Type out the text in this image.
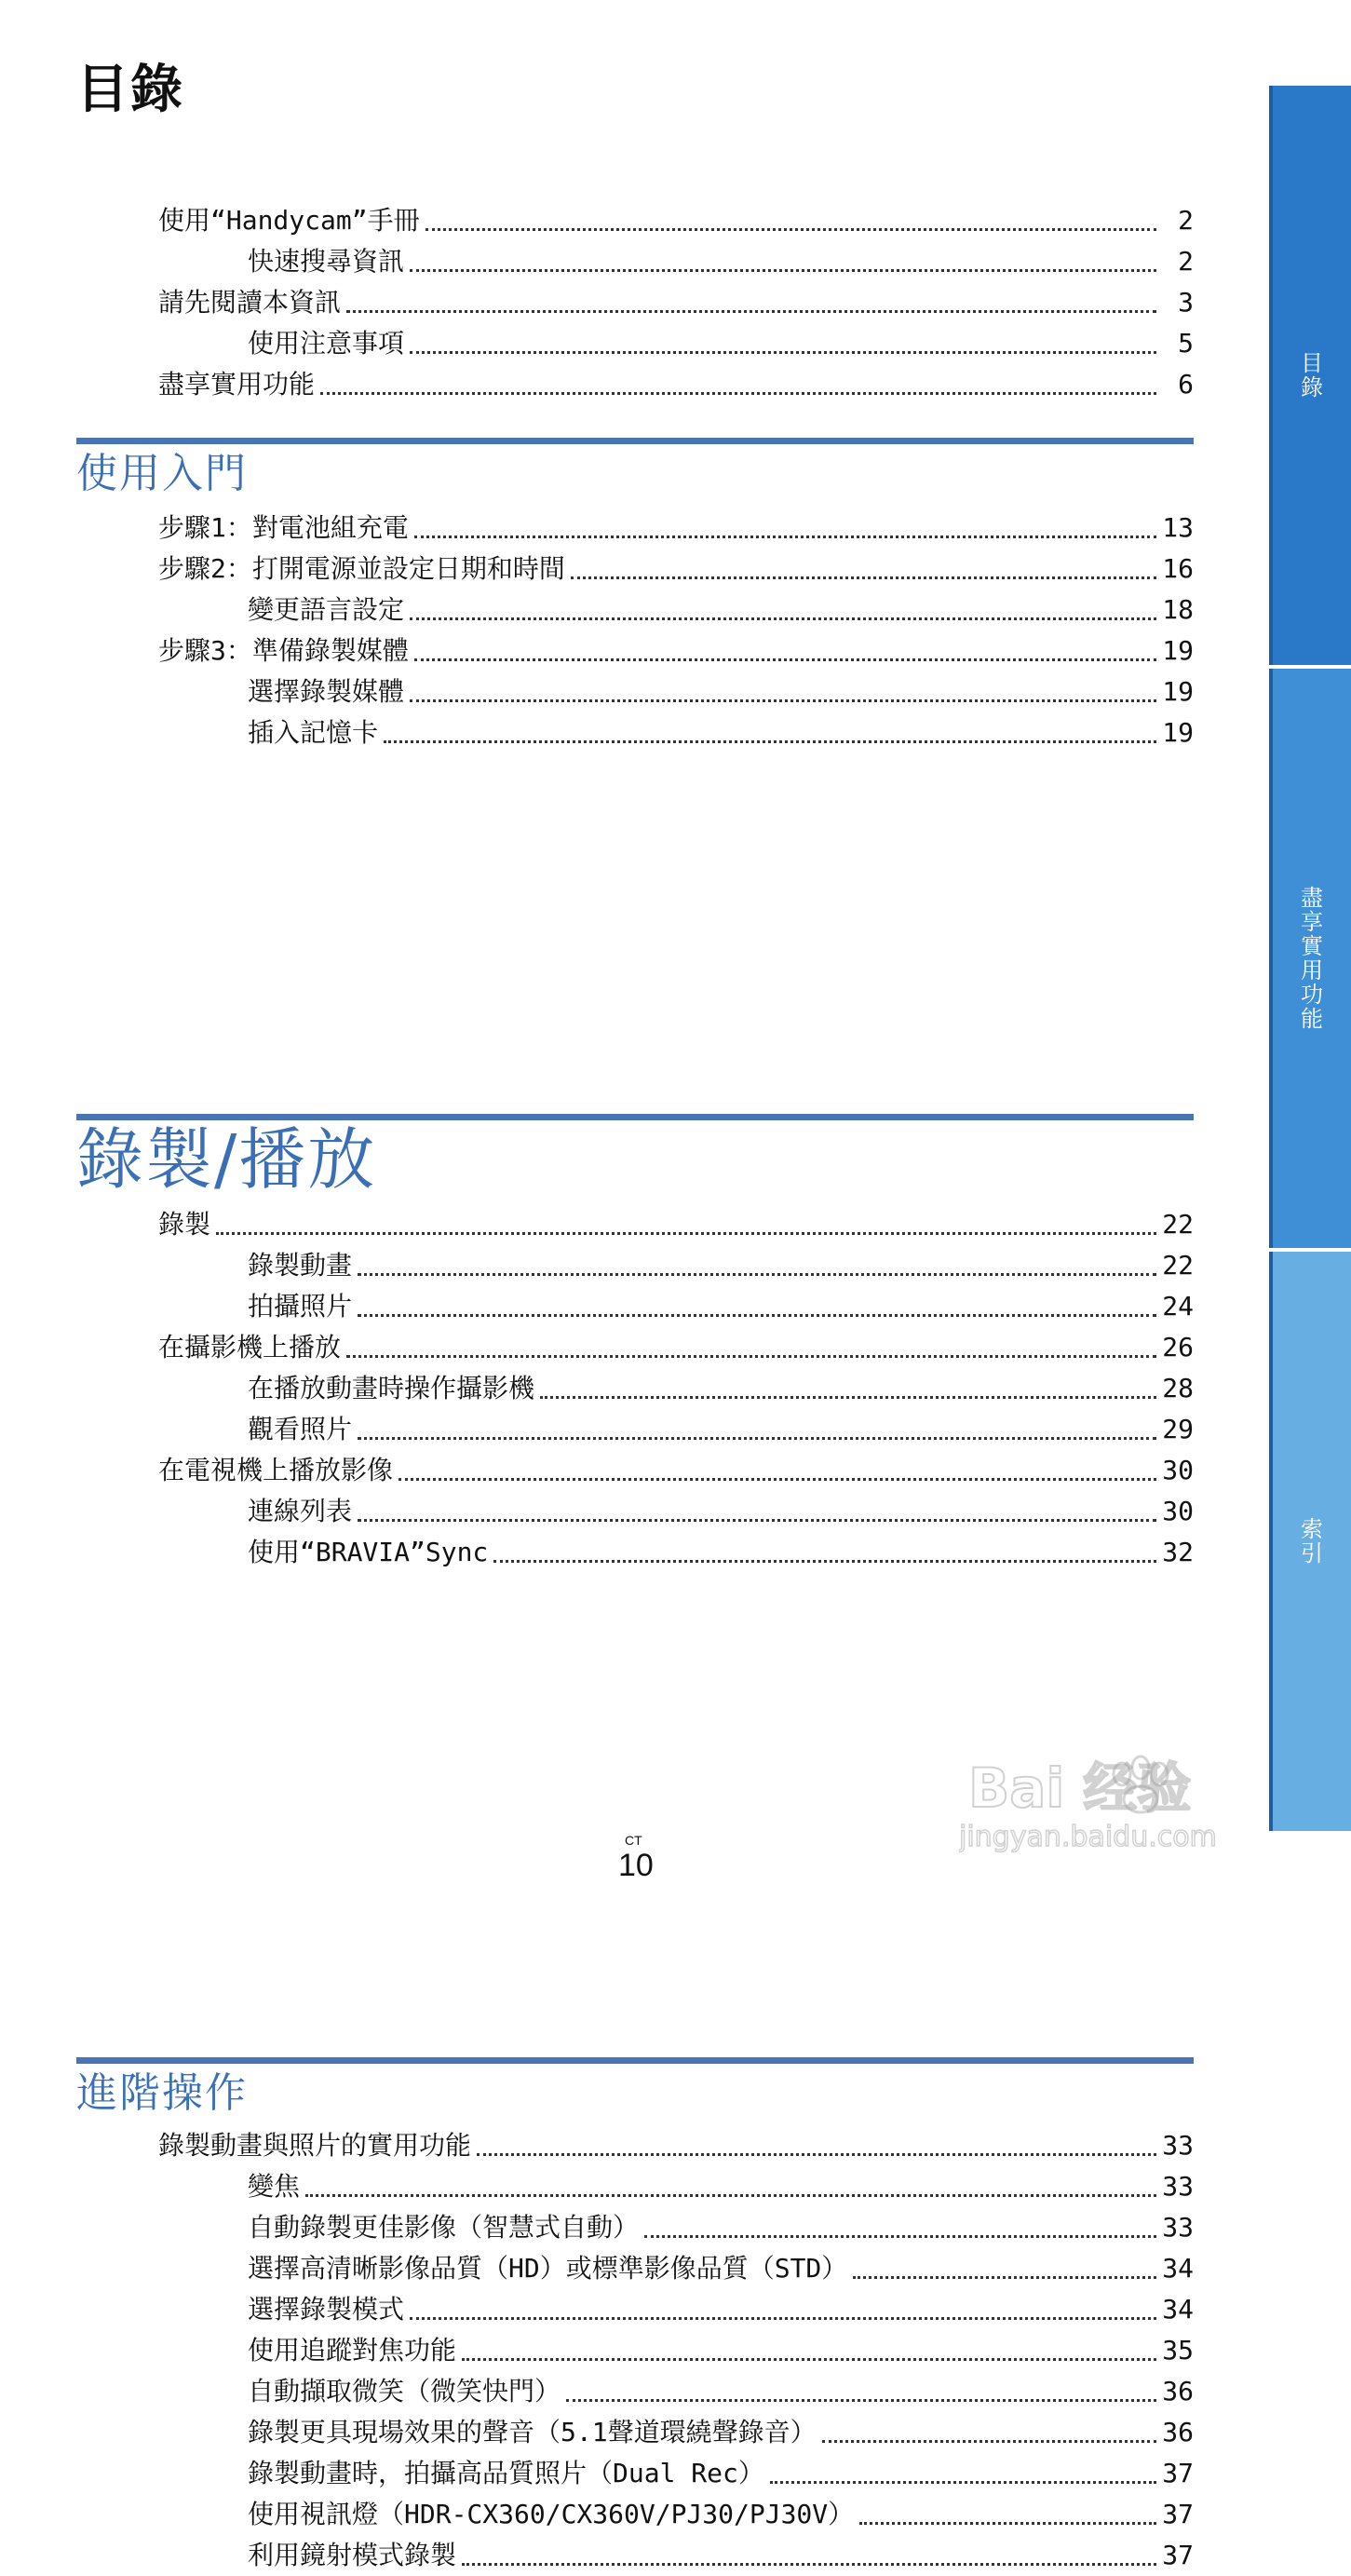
目錄
使用“Handycam”手冊	2
快速搜尋資訊	2
請先閱讀本資訊	3
使用注意事項	5
盡享實用功能	6
使用入門
步驟1：對電池組充電	13
步驟2：打開電源並設定日期和時間	16
變更語言設定	18
步驟3：準備錄製媒體	19
選擇錄製媒體	19
插入記憶卡	19
錄製/播放
錄製	22
錄製動畫	22
拍攝照片	24
在攝影機上播放	26
在播放動畫時操作攝影機	28
觀看照片	29
在電視機上播放影像	30
連線列表	30
使用“BRAVIA”Sync	32
進階操作
錄製動畫與照片的實用功能	33
變焦	33
自動錄製更佳影像（智慧式自動）	33
選擇高清晰影像品質（HD）或標準影像品質（STD）	34
選擇錄製模式	34
使用追蹤對焦功能	35
自動擷取微笑（微笑快門）	36
錄製更具現場效果的聲音（5.1聲道環繞聲錄音）	36
錄製動畫時，拍攝高品質照片（Dual Rec）	37
使用視訊燈（HDR-CX360/CX360V/PJ30/PJ30V）	37
利用鏡射模式錄製	37
目錄
盡享實用功能
索引
Bai 经验
jingyan.baidu.com
CT
10
